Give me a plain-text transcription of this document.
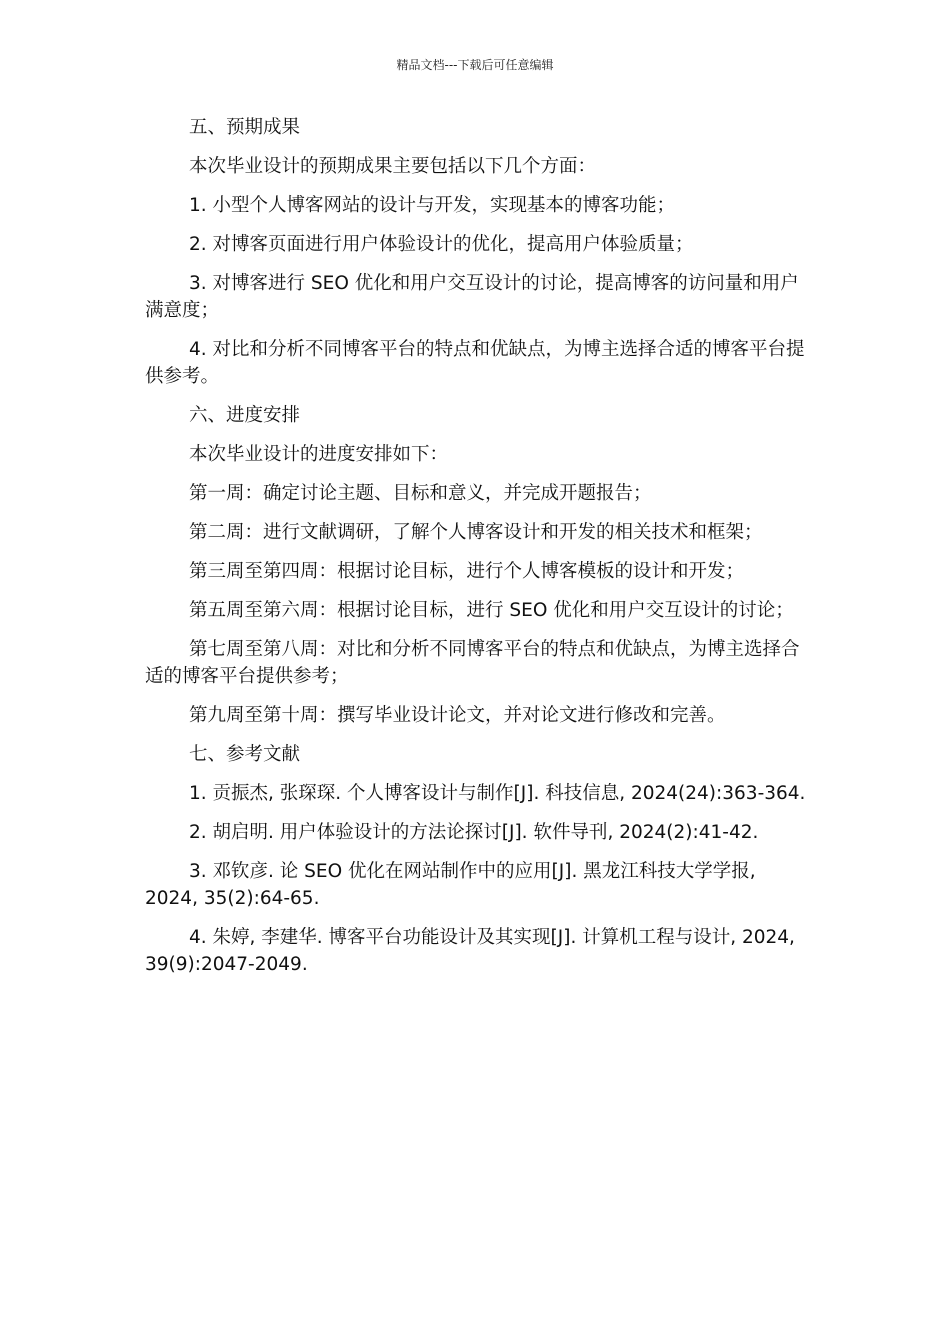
精品文档---下载后可任意编辑

五、预期成果

本次毕业设计的预期成果主要包括以下几个方面：

1. 小型个人博客网站的设计与开发，实现基本的博客功能；

2. 对博客页面进行用户体验设计的优化，提高用户体验质量；

3. 对博客进行 SEO 优化和用户交互设计的讨论，提高博客的访问量和用户满意度；

4. 对比和分析不同博客平台的特点和优缺点，为博主选择合适的博客平台提供参考。

六、进度安排

本次毕业设计的进度安排如下：

第一周：确定讨论主题、目标和意义，并完成开题报告；

第二周：进行文献调研，了解个人博客设计和开发的相关技术和框架；

第三周至第四周：根据讨论目标，进行个人博客模板的设计和开发；

第五周至第六周：根据讨论目标，进行 SEO 优化和用户交互设计的讨论；

第七周至第八周：对比和分析不同博客平台的特点和优缺点，为博主选择合适的博客平台提供参考；

第九周至第十周：撰写毕业设计论文，并对论文进行修改和完善。

七、参考文献

1. 贡振杰, 张琛琛. 个人博客设计与制作[J]. 科技信息, 2024(24):363-364.

2. 胡启明. 用户体验设计的方法论探讨[J]. 软件导刊, 2024(2):41-42.

3. 邓钦彦. 论 SEO 优化在网站制作中的应用[J]. 黑龙江科技大学学报, 2024, 35(2):64-65.

4. 朱婷, 李建华. 博客平台功能设计及其实现[J]. 计算机工程与设计, 2024, 39(9):2047-2049.
